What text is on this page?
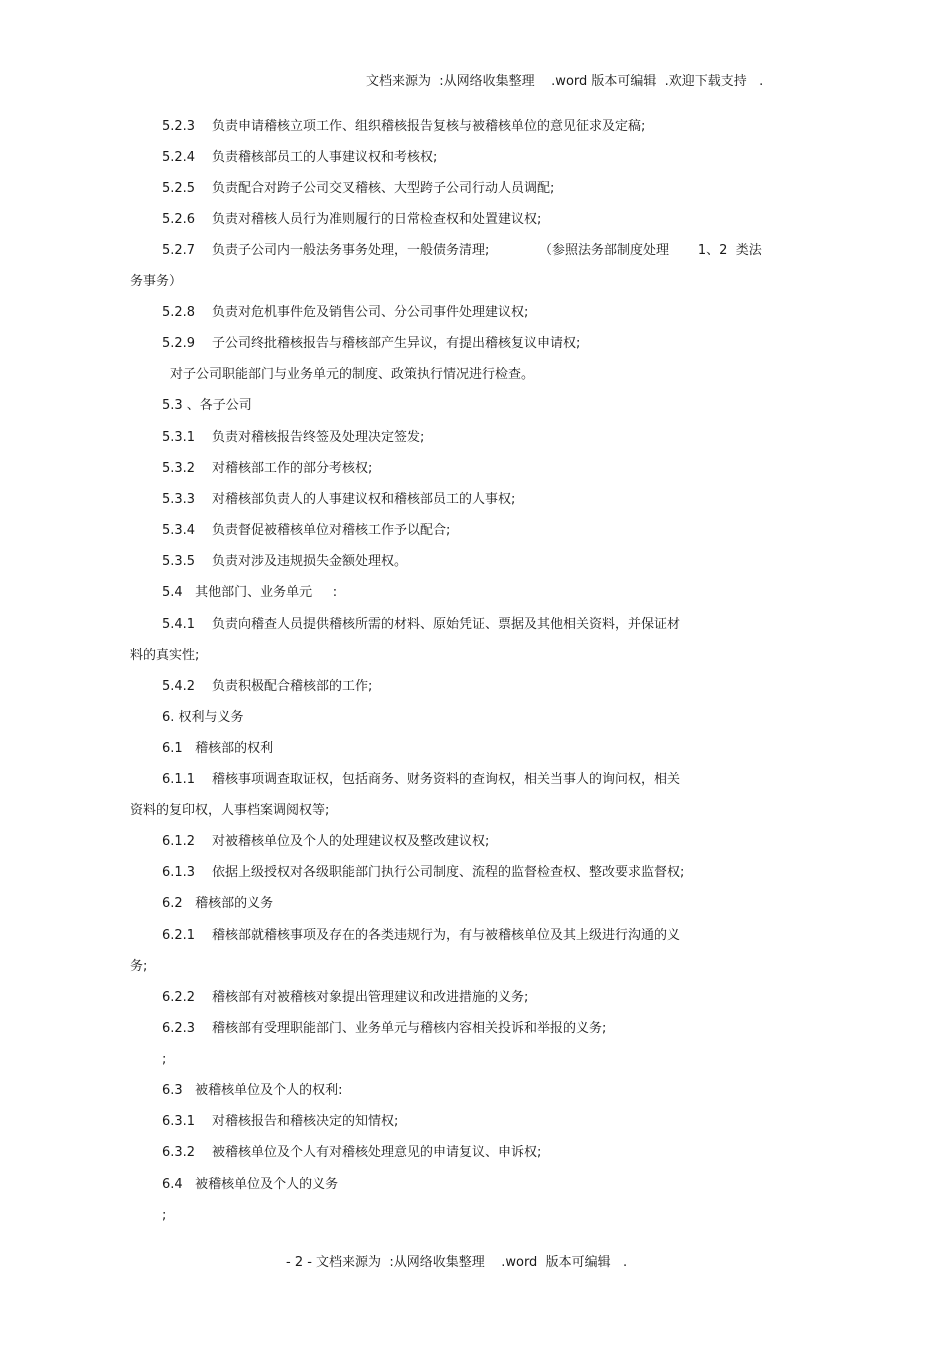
文档来源为  :从网络收集整理    .word 版本可编辑  .欢迎下载支持   .
5.2.3 负责申请稽核立项工作、组织稽核报告复核与被稽核单位的意见征求及定稿;
5.2.4 负责稽核部员工的人事建议权和考核权;
5.2.5 负责配合对跨子公司交叉稽核、大型跨子公司行动人员调配;
5.2.6 负责对稽核人员行为准则履行的日常检查权和处置建议权;
5.2.7 负责子公司内一般法务事务处理，一般债务清理;            （参照法务部制度处理       1、2  类法
务事务）
5.2.8 负责对危机事件危及销售公司、分公司事件处理建议权;
5.2.9 子公司终批稽核报告与稽核部产生异议，有提出稽核复议申请权;
对子公司职能部门与业务单元的制度、政策执行情况进行检查。
5.3 、各子公司
5.3.1 负责对稽核报告终签及处理决定签发;
5.3.2 对稽核部工作的部分考核权;
5.3.3 对稽核部负责人的人事建议权和稽核部员工的人事权;
5.3.4 负责督促被稽核单位对稽核工作予以配合;
5.3.5 负责对涉及违规损失金额处理权。
5.4   其他部门、业务单元     :
5.4.1 负责向稽查人员提供稽核所需的材料、原始凭证、票据及其他相关资料，并保证材
料的真实性;
5.4.2 负责积极配合稽核部的工作;
6. 权利与义务
6.1   稽核部的权利
6.1.1 稽核事项调查取证权，包括商务、财务资料的查询权，相关当事人的询问权，相关
资料的复印权，人事档案调阅权等;
6.1.2 对被稽核单位及个人的处理建议权及整改建议权;
6.1.3 依据上级授权对各级职能部门执行公司制度、流程的监督检查权、整改要求监督权;
6.2   稽核部的义务
6.2.1 稽核部就稽核事项及存在的各类违规行为，有与被稽核单位及其上级进行沟通的义
务;
6.2.2 稽核部有对被稽核对象提出管理建议和改进措施的义务;
6.2.3 稽核部有受理职能部门、业务单元与稽核内容相关投诉和举报的义务;
;
6.3   被稽核单位及个人的权利:
6.3.1 对稽核报告和稽核决定的知情权;
6.3.2 被稽核单位及个人有对稽核处理意见的申请复议、申诉权;
6.4   被稽核单位及个人的义务
;
- 2 - 文档来源为  :从网络收集整理    .word  版本可编辑   .
